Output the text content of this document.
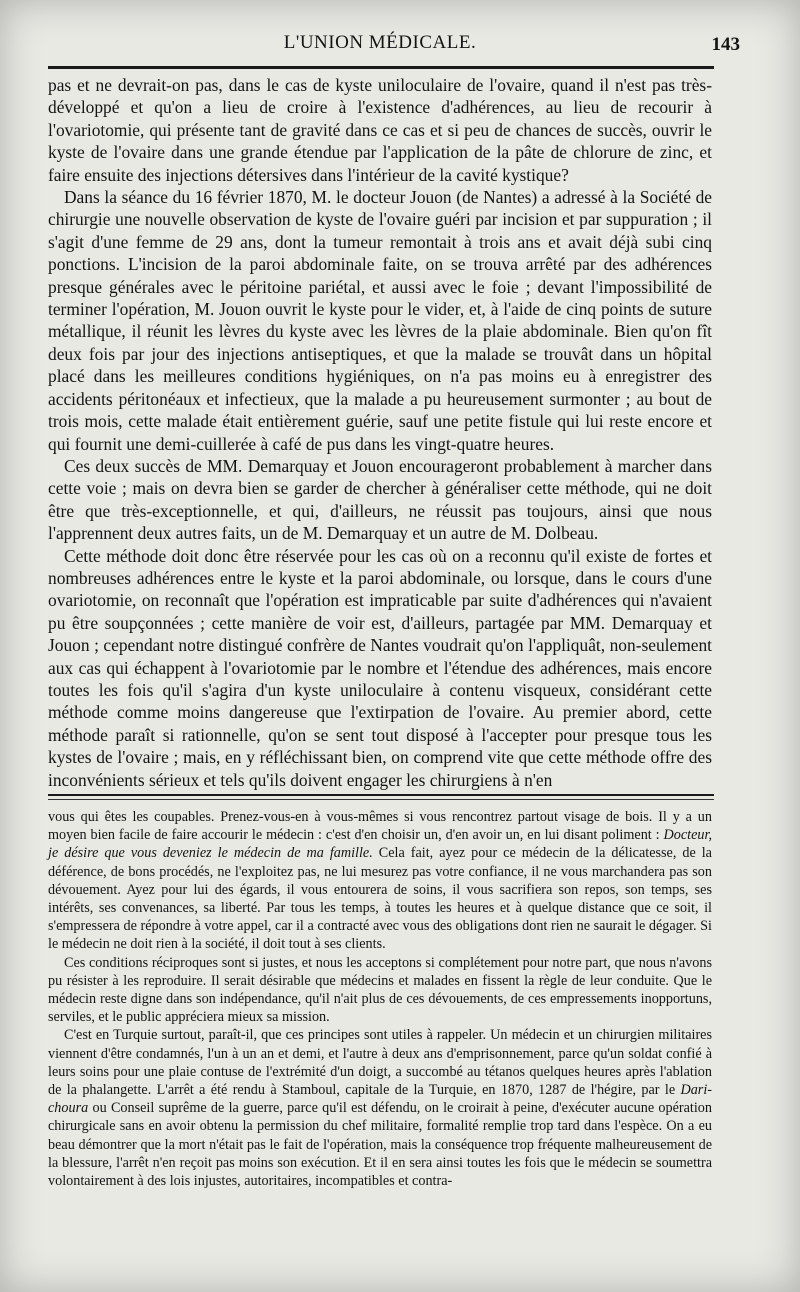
L'UNION MÉDICALE.	143

pas et ne devrait-on pas, dans le cas de kyste uniloculaire de l'ovaire, quand il n'est pas très-développé et qu'on a lieu de croire à l'existence d'adhérences, au lieu de recourir à l'ovariotomie, qui présente tant de gravité dans ce cas et si peu de chances de succès, ouvrir le kyste de l'ovaire dans une grande étendue par l'application de la pâte de chlorure de zinc, et faire ensuite des injections détersives dans l'intérieur de la cavité kystique?

Dans la séance du 16 février 1870, M. le docteur Jouon (de Nantes) a adressé à la Société de chirurgie une nouvelle observation de kyste de l'ovaire guéri par incision et par suppuration ; il s'agit d'une femme de 29 ans, dont la tumeur remontait à trois ans et avait déjà subi cinq ponctions. L'incision de la paroi abdominale faite, on se trouva arrêté par des adhérences presque générales avec le péritoine pariétal, et aussi avec le foie ; devant l'impossibilité de terminer l'opération, M. Jouon ouvrit le kyste pour le vider, et, à l'aide de cinq points de suture métallique, il réunit les lèvres du kyste avec les lèvres de la plaie abdominale. Bien qu'on fît deux fois par jour des injections antiseptiques, et que la malade se trouvât dans un hôpital placé dans les meilleures conditions hygiéniques, on n'a pas moins eu à enregistrer des accidents péritonéaux et infectieux, que la malade a pu heureusement surmonter ; au bout de trois mois, cette malade était entièrement guérie, sauf une petite fistule qui lui reste encore et qui fournit une demi-cuillerée à café de pus dans les vingt-quatre heures.

Ces deux succès de MM. Demarquay et Jouon encourageront probablement à marcher dans cette voie ; mais on devra bien se garder de chercher à généraliser cette méthode, qui ne doit être que très-exceptionnelle, et qui, d'ailleurs, ne réussit pas toujours, ainsi que nous l'apprennent deux autres faits, un de M. Demarquay et un autre de M. Dolbeau.

Cette méthode doit donc être réservée pour les cas où on a reconnu qu'il existe de fortes et nombreuses adhérences entre le kyste et la paroi abdominale, ou lorsque, dans le cours d'une ovariotomie, on reconnaît que l'opération est impraticable par suite d'adhérences qui n'avaient pu être soupçonnées ; cette manière de voir est, d'ailleurs, partagée par MM. Demarquay et Jouon ; cependant notre distingué confrère de Nantes voudrait qu'on l'appliquât, non-seulement aux cas qui échappent à l'ovariotomie par le nombre et l'étendue des adhérences, mais encore toutes les fois qu'il s'agira d'un kyste uniloculaire à contenu visqueux, considérant cette méthode comme moins dangereuse que l'extirpation de l'ovaire. Au premier abord, cette méthode paraît si rationnelle, qu'on se sent tout disposé à l'accepter pour presque tous les kystes de l'ovaire ; mais, en y réfléchissant bien, on comprend vite que cette méthode offre des inconvénients sérieux et tels qu'ils doivent engager les chirurgiens à n'en

vous qui êtes les coupables. Prenez-vous-en à vous-mêmes si vous rencontrez partout visage de bois. Il y a un moyen bien facile de faire accourir le médecin : c'est d'en choisir un, d'en avoir un, en lui disant poliment : Docteur, je désire que vous deveniez le médecin de ma famille. Cela fait, ayez pour ce médecin de la délicatesse, de la déférence, de bons procédés, ne l'exploitez pas, ne lui mesurez pas votre confiance, il ne vous marchandera pas son dévouement. Ayez pour lui des égards, il vous entourera de soins, il vous sacrifiera son repos, son temps, ses intérêts, ses convenances, sa liberté. Par tous les temps, à toutes les heures et à quelque distance que ce soit, il s'empressera de répondre à votre appel, car il a contracté avec vous des obligations dont rien ne saurait le dégager. Si le médecin ne doit rien à la société, il doit tout à ses clients.

Ces conditions réciproques sont si justes, et nous les acceptons si complétement pour notre part, que nous n'avons pu résister à les reproduire. Il serait désirable que médecins et malades en fissent la règle de leur conduite. Que le médecin reste digne dans son indépendance, qu'il n'ait plus de ces dévouements, de ces empressements inopportuns, serviles, et le public appréciera mieux sa mission.

C'est en Turquie surtout, paraît-il, que ces principes sont utiles à rappeler. Un médecin et un chirurgien militaires viennent d'être condamnés, l'un à un an et demi, et l'autre à deux ans d'emprisonnement, parce qu'un soldat confié à leurs soins pour une plaie contuse de l'extrémité d'un doigt, a succombé au tétanos quelques heures après l'ablation de la phalangette. L'arrêt a été rendu à Stamboul, capitale de la Turquie, en 1870, 1287 de l'hégire, par le Dari-choura ou Conseil suprême de la guerre, parce qu'il est défendu, on le croirait à peine, d'exécuter aucune opération chirurgicale sans en avoir obtenu la permission du chef militaire, formalité remplie trop tard dans l'espèce. On a eu beau démontrer que la mort n'était pas le fait de l'opération, mais la conséquence trop fréquente malheureusement de la blessure, l'arrêt n'en reçoit pas moins son exécution. Et il en sera ainsi toutes les fois que le médecin se soumettra volontairement à des lois injustes, autoritaires, incompatibles et contra-
